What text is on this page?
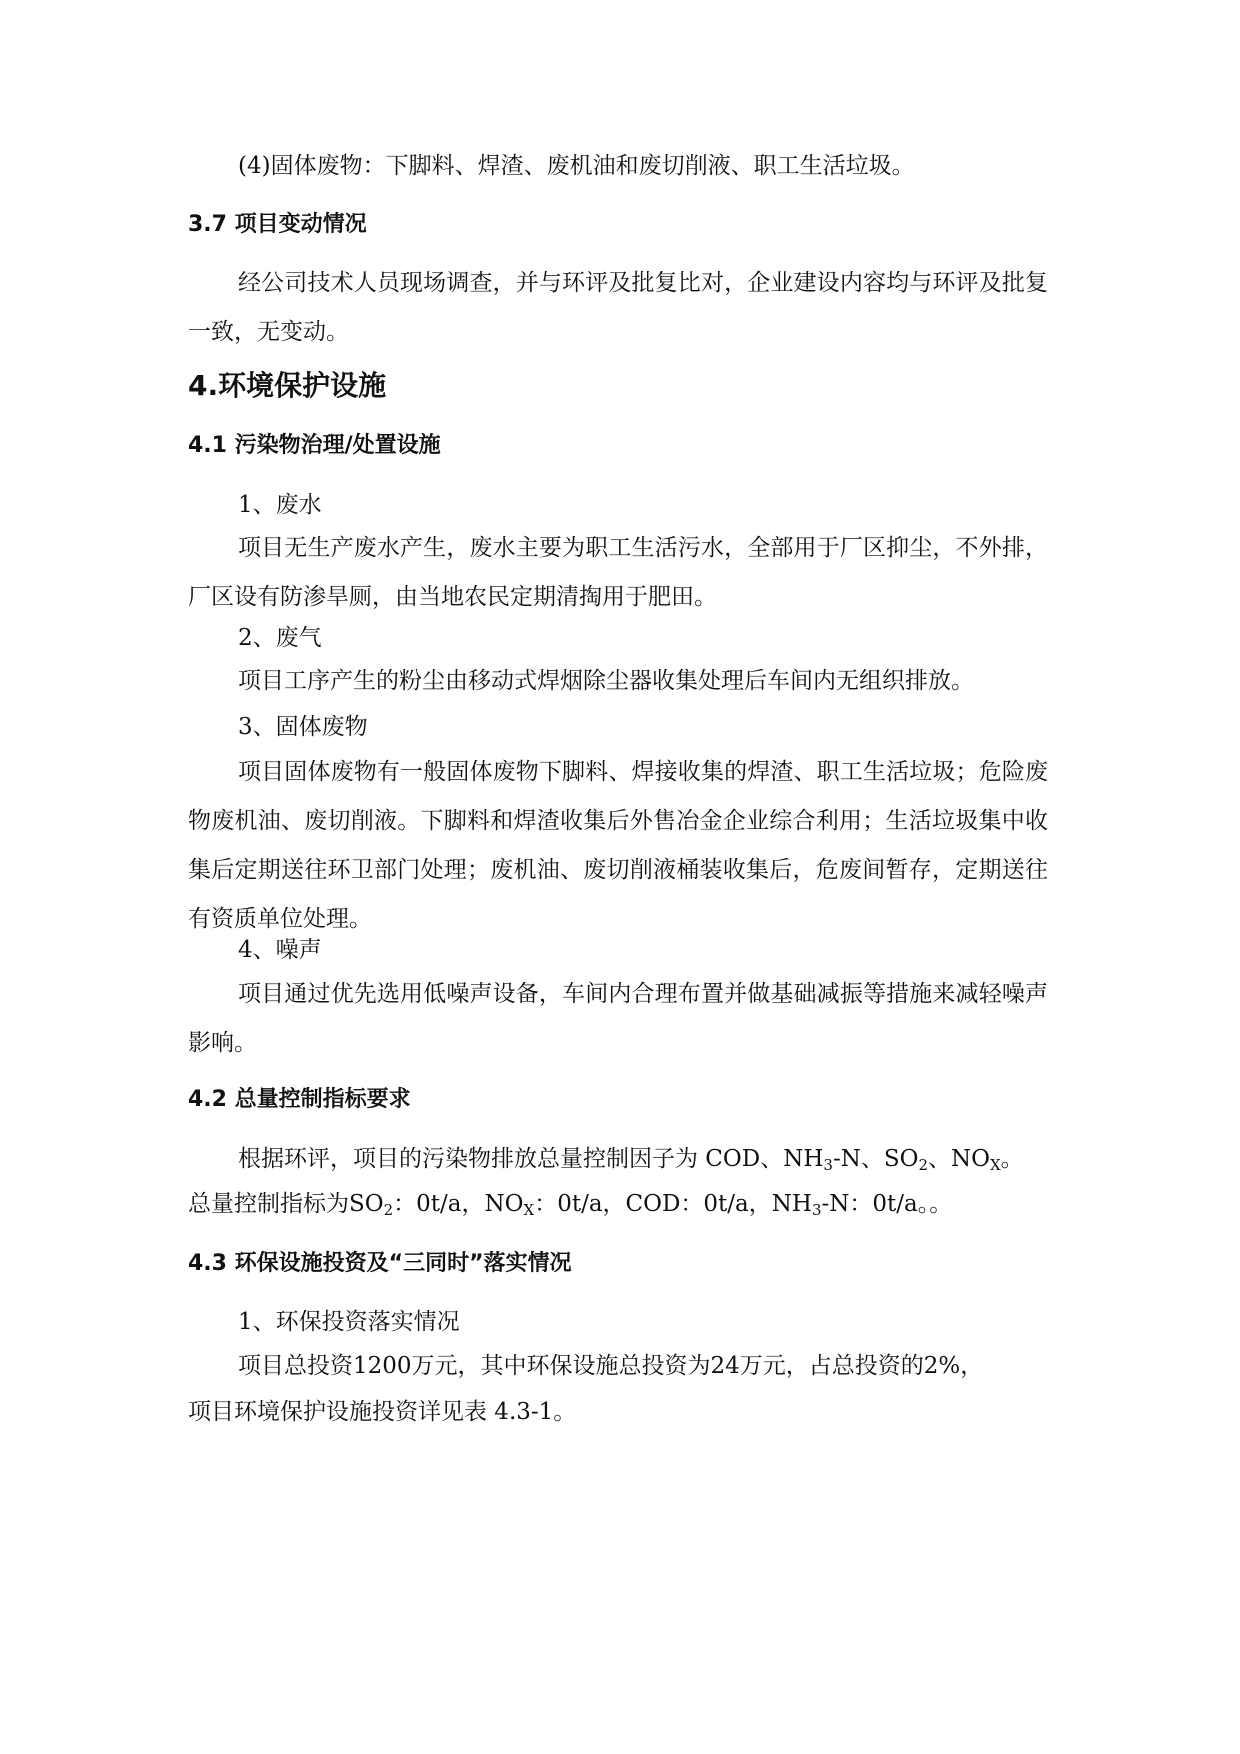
(4)固体废物：下脚料、焊渣、废机油和废切削液、职工生活垃圾。

3.7 项目变动情况

经公司技术人员现场调查，并与环评及批复比对，企业建设内容均与环评及批复一致，无变动。

4.环境保护设施

4.1 污染物治理/处置设施

1、废水

项目无生产废水产生，废水主要为职工生活污水，全部用于厂区抑尘，不外排，厂区设有防渗旱厕，由当地农民定期清掏用于肥田。

2、废气

项目工序产生的粉尘由移动式焊烟除尘器收集处理后车间内无组织排放。

3、固体废物

项目固体废物有一般固体废物下脚料、焊接收集的焊渣、职工生活垃圾；危险废物废机油、废切削液。下脚料和焊渣收集后外售冶金企业综合利用；生活垃圾集中收集后定期送往环卫部门处理；废机油、废切削液桶装收集后，危废间暂存，定期送往有资质单位处理。

4、噪声

项目通过优先选用低噪声设备，车间内合理布置并做基础减振等措施来减轻噪声影响。

4.2 总量控制指标要求

根据环评，项目的污染物排放总量控制因子为 COD、$NH_3-N$、$SO_2$、$NO_X$。

总量控制指标为$SO_2$：0t/a，$NO_X$：0t/a，COD：0t/a，$NH_3-N$：0t/a。。

4.3 环保设施投资及“三同时”落实情况

1、环保投资落实情况

项目总投资1200万元，其中环保设施总投资为24万元，占总投资的2%，

项目环境保护设施投资详见表 4.3-1。
